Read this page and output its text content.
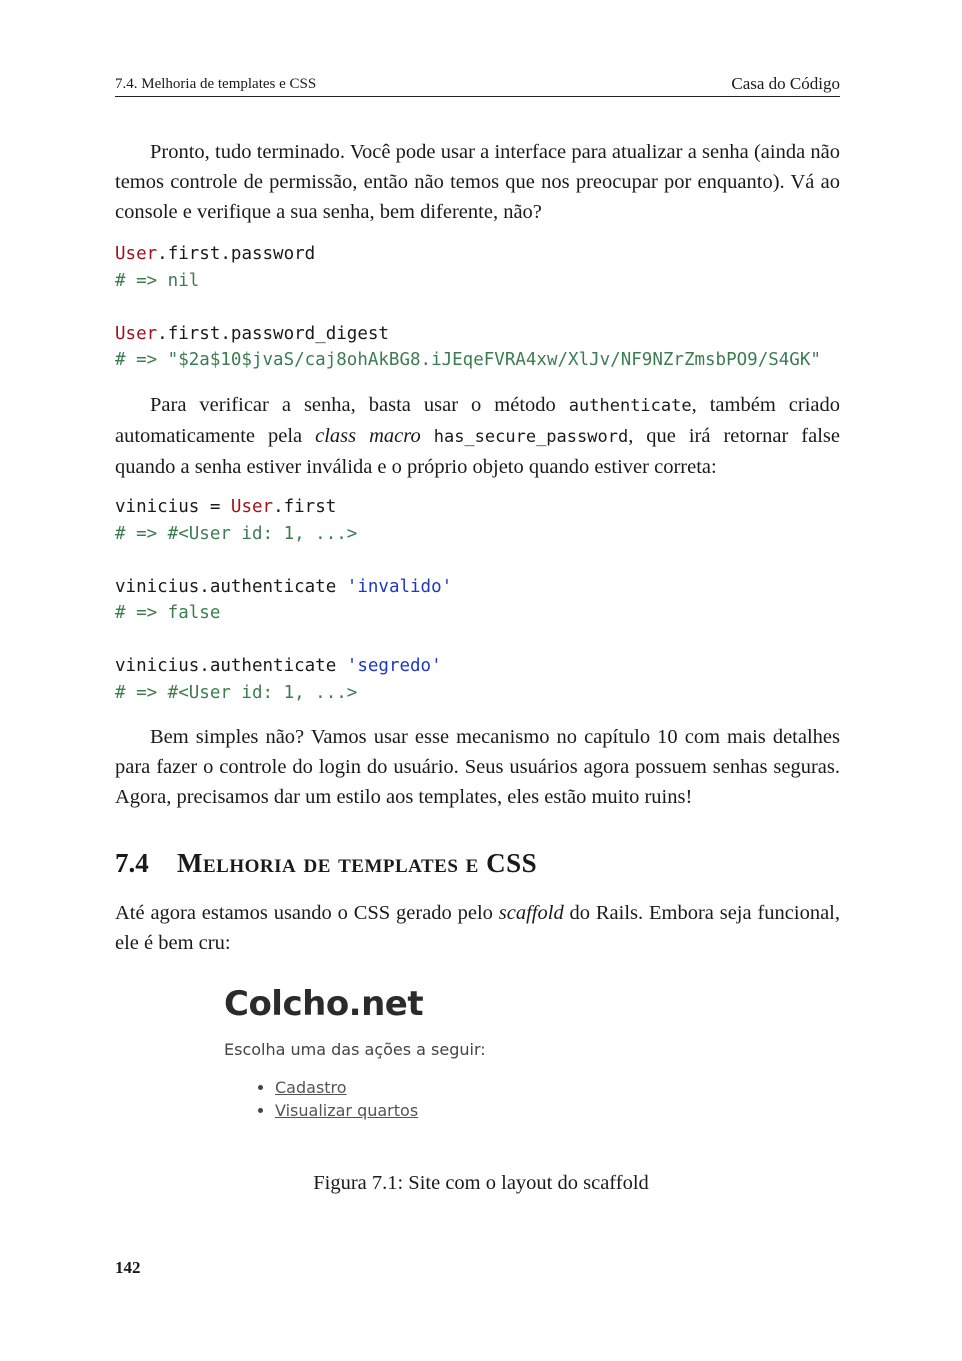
7.4. Melhoria de templates e CSS	Casa do Código

Pronto, tudo terminado. Você pode usar a interface para atualizar a senha (ainda não temos controle de permissão, então não temos que nos preocupar por enquanto). Vá ao console e verifique a sua senha, bem diferente, não?

User.first.password
# => nil

User.first.password_digest
# => "$2a$10$jvaS/caj8ohAkBG8.iJEqeFVRA4xw/XlJv/NF9NZrZmsbPO9/S4GK"

Para verificar a senha, basta usar o método authenticate, também criado automaticamente pela class macro has_secure_password, que irá retornar false quando a senha estiver inválida e o próprio objeto quando estiver correta:

vinicius = User.first
# => #<User id: 1, ...>

vinicius.authenticate 'invalido'
# => false

vinicius.authenticate 'segredo'
# => #<User id: 1, ...>

Bem simples não? Vamos usar esse mecanismo no capítulo 10 com mais detalhes para fazer o controle do login do usuário. Seus usuários agora possuem senhas seguras. Agora, precisamos dar um estilo aos templates, eles estão muito ruins!

7.4 Melhoria de templates e CSS

Até agora estamos usando o CSS gerado pelo scaffold do Rails. Embora seja funcional, ele é bem cru:

Colcho.net

Escolha uma das ações a seguir:

• Cadastro
• Visualizar quartos

Figura 7.1: Site com o layout do scaffold

142
